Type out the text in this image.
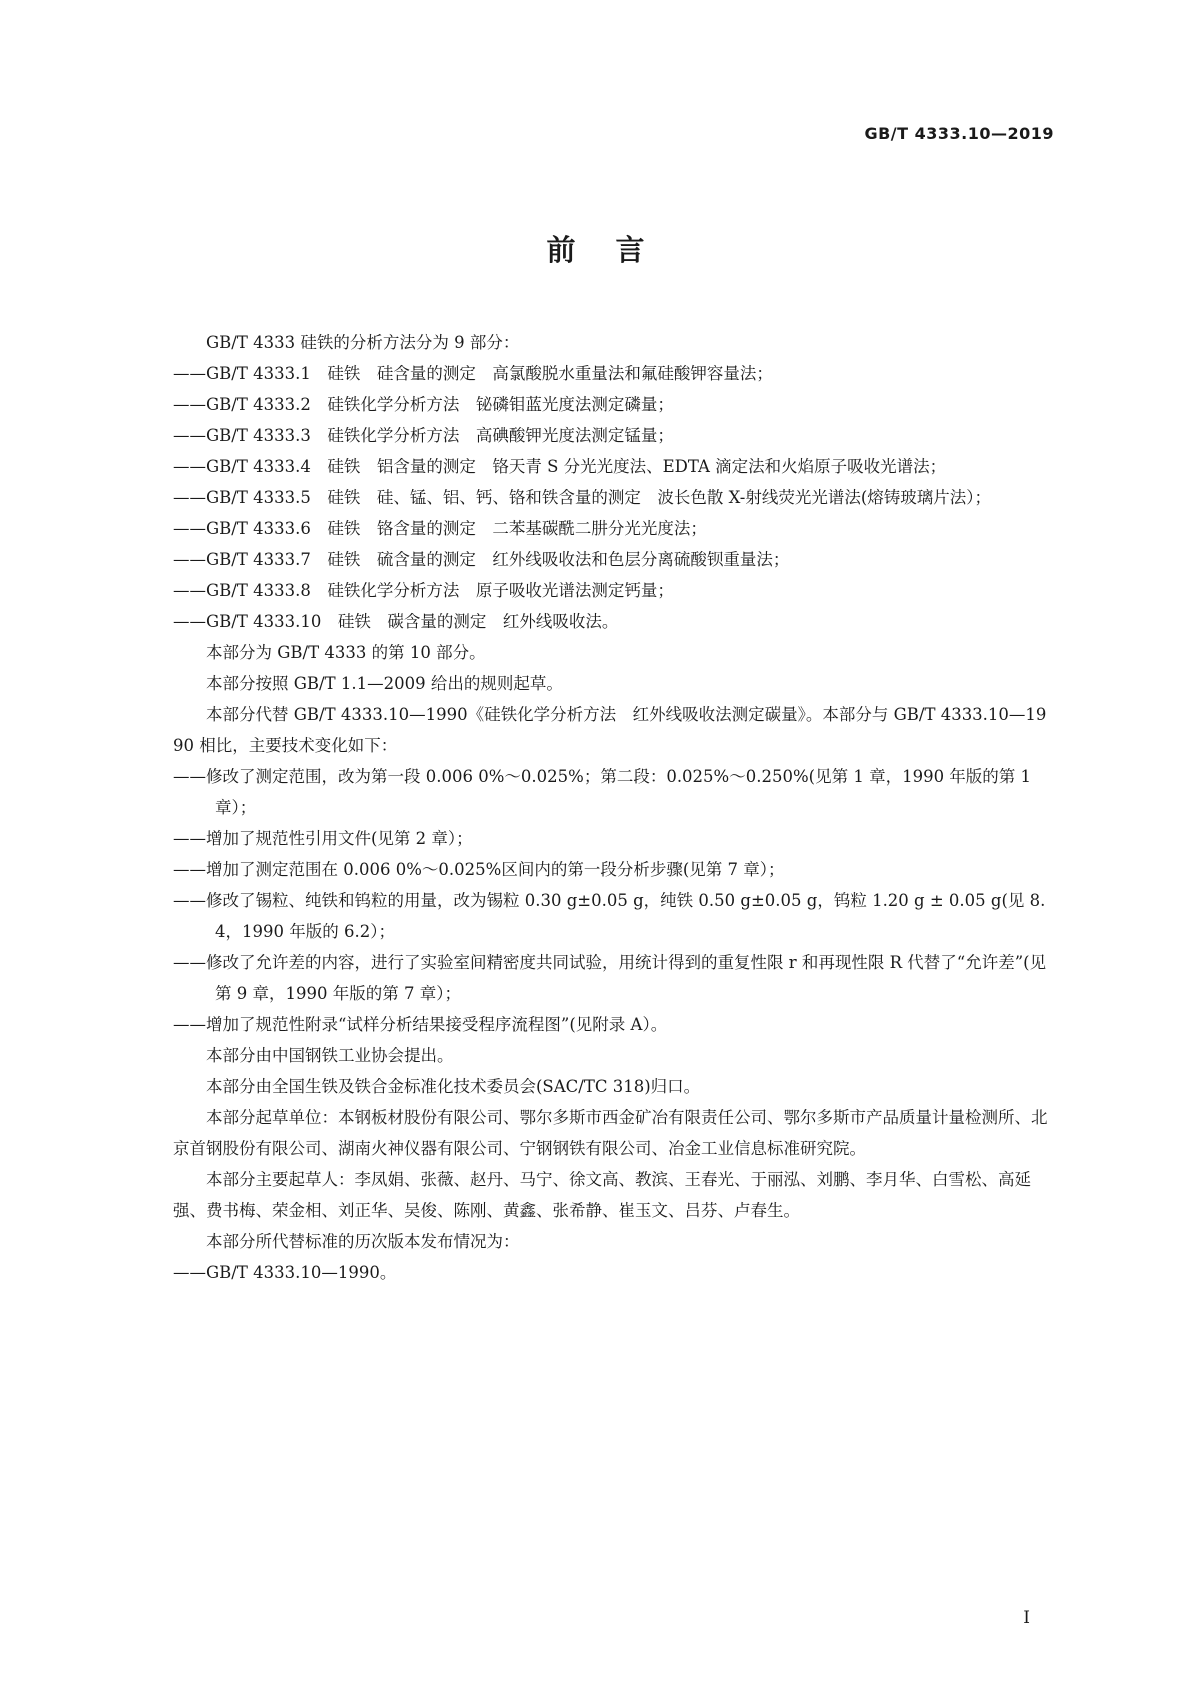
GB/T 4333.10—2019
前言

GB/T 4333 硅铁的分析方法分为 9 部分：

——GB/T 4333.1　硅铁　硅含量的测定　高氯酸脱水重量法和氟硅酸钾容量法；

——GB/T 4333.2　硅铁化学分析方法　铋磷钼蓝光度法测定磷量；

——GB/T 4333.3　硅铁化学分析方法　高碘酸钾光度法测定锰量；

——GB/T 4333.4　硅铁　铝含量的测定　铬天青 S 分光光度法、EDTA 滴定法和火焰原子吸收光谱法；

——GB/T 4333.5　硅铁　硅、锰、铝、钙、铬和铁含量的测定　波长色散 X-射线荧光光谱法(熔铸玻璃片法）；

——GB/T 4333.6　硅铁　铬含量的测定　二苯基碳酰二肼分光光度法；

——GB/T 4333.7　硅铁　硫含量的测定　红外线吸收法和色层分离硫酸钡重量法；

——GB/T 4333.8　硅铁化学分析方法　原子吸收光谱法测定钙量；

——GB/T 4333.10　硅铁　碳含量的测定　红外线吸收法。

本部分为 GB/T 4333 的第 10 部分。

本部分按照 GB/T 1.1—2009 给出的规则起草。

本部分代替 GB/T 4333.10—1990《硅铁化学分析方法　红外线吸收法测定碳量》。本部分与 GB/T 4333.10—1990 相比，主要技术变化如下：

——修改了测定范围，改为第一段 0.006 0%～0.025%；第二段：0.025%～0.250%(见第 1 章，1990 年版的第 1 章）；

——增加了规范性引用文件(见第 2 章）；

——增加了测定范围在 0.006 0%～0.025%区间内的第一段分析步骤(见第 7 章）；

——修改了锡粒、纯铁和钨粒的用量，改为锡粒 0.30 g±0.05 g，纯铁 0.50 g±0.05 g，钨粒 1.20 g ± 0.05 g(见 8.4，1990 年版的 6.2）；

——修改了允许差的内容，进行了实验室间精密度共同试验，用统计得到的重复性限 r 和再现性限 R 代替了“允许差”(见第 9 章，1990 年版的第 7 章）；

——增加了规范性附录“试样分析结果接受程序流程图”(见附录 A）。

本部分由中国钢铁工业协会提出。

本部分由全国生铁及铁合金标准化技术委员会(SAC/TC 318)归口。

本部分起草单位：本钢板材股份有限公司、鄂尔多斯市西金矿冶有限责任公司、鄂尔多斯市产品质量计量检测所、北京首钢股份有限公司、湖南火神仪器有限公司、宁钢钢铁有限公司、冶金工业信息标准研究院。

本部分主要起草人：李凤娟、张薇、赵丹、马宁、徐文高、教滨、王春光、于丽泓、刘鹏、李月华、白雪松、高延强、费书梅、荣金相、刘正华、吴俊、陈刚、黄鑫、张希静、崔玉文、吕芬、卢春生。

本部分所代替标准的历次版本发布情况为：

——GB/T 4333.10—1990。

I
